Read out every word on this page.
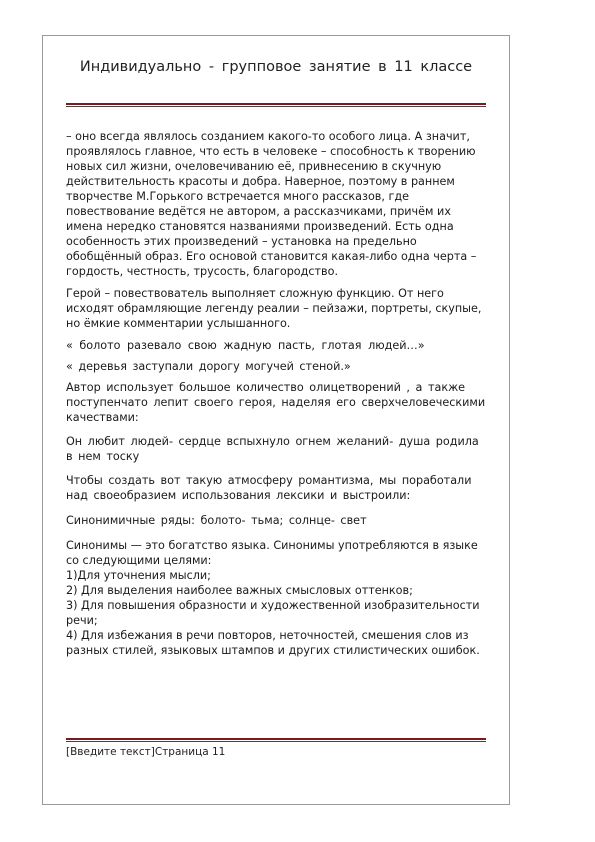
Индивидуально - групповое занятие в 11 классе

– оно всегда являлось созданием какого-то особого лица. А значит, проявлялось главное, что есть в человеке – способность к творению новых сил жизни, очеловечиванию её, привнесению в скучную действительность красоты и добра. Наверное, поэтому в раннем творчестве М.Горького встречается много рассказов, где повествование ведётся не автором, а рассказчиками, причём их имена нередко становятся названиями произведений. Есть одна особенность этих произведений – установка на предельно обобщённый образ. Его основой становится какая-либо одна черта – гордость, честность, трусость, благородство.

Герой – повествователь выполняет сложную функцию. От него исходят обрамляющие легенду реалии – пейзажи, портреты, скупые, но ёмкие комментарии услышанного.

« болото разевало свою жадную пасть, глотая людей…»

« деревья заступали дорогу могучей стеной.»

Автор использует большое количество олицетворений , а также поступенчато лепит своего героя, наделяя его сверхчеловеческими качествами:

Он любит людей- сердце вспыхнуло огнем желаний- душа родила в нем тоску

Чтобы создать вот такую атмосферу романтизма, мы поработали над своеобразием использования лексики и выстроили:

Синонимичные ряды: болото- тьма; солнце- свет

Синонимы — это богатство языка. Синонимы употребляются в языке со следующими целями:

1)Для уточнения мысли;
2) Для выделения наиболее важных смысловых оттенков;
3) Для повышения образности и художественной изобразительности речи;
4) Для избежания в речи повторов, неточностей, смешения слов из разных стилей, языковых штампов и других стилистических ошибок.
[Введите текст]Страница 11
